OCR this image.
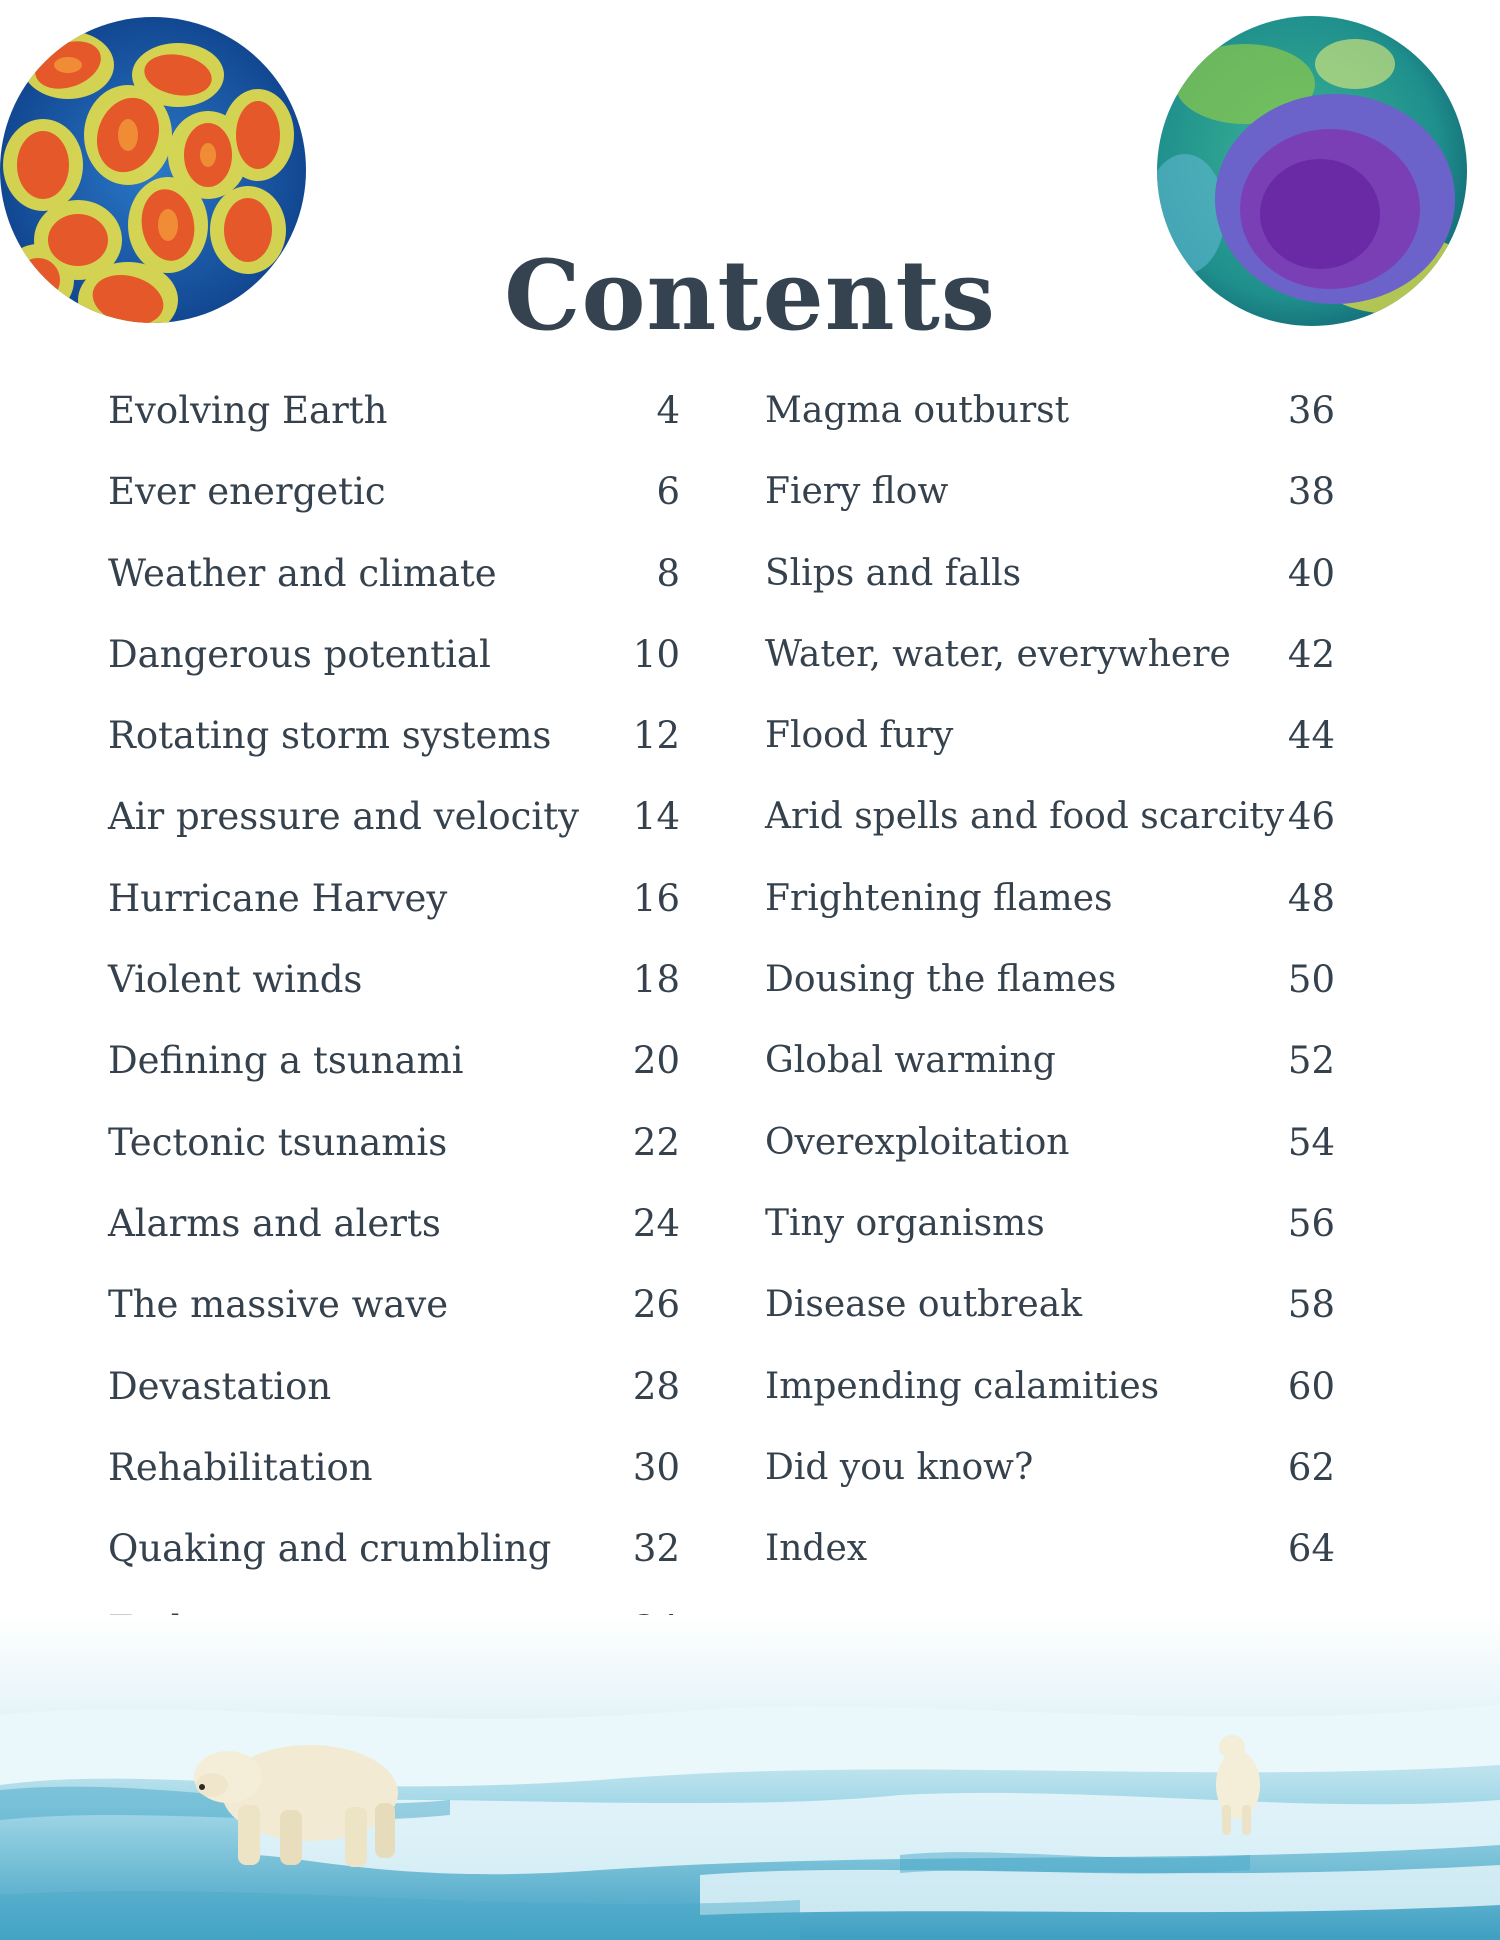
Contents
Evolving Earth	4
Ever energetic	6
Weather and climate	8
Dangerous potential	10
Rotating storm systems 12
Air pressure and velocity 14
Hurricane Harvey	16
Violent winds	18
Defining a tsunami	20
Tectonic tsunamis	22
Alarms and alerts	24
The massive wave	26
Devastation	28
Rehabilitation	30
Quaking and crumbling 32
Magma outburst	36
Fiery flow	38
Slips and falls	40
Water, water, everywhere 42
Flood fury	44
Arid spells and food scarcity 46
Frightening flames	48
Dousing the flames	50
Global warming	52
Overexploitation	54
Tiny organisms	56
Disease outbreak	58
Impending calamities	60
Did you know?	62
Index	64
